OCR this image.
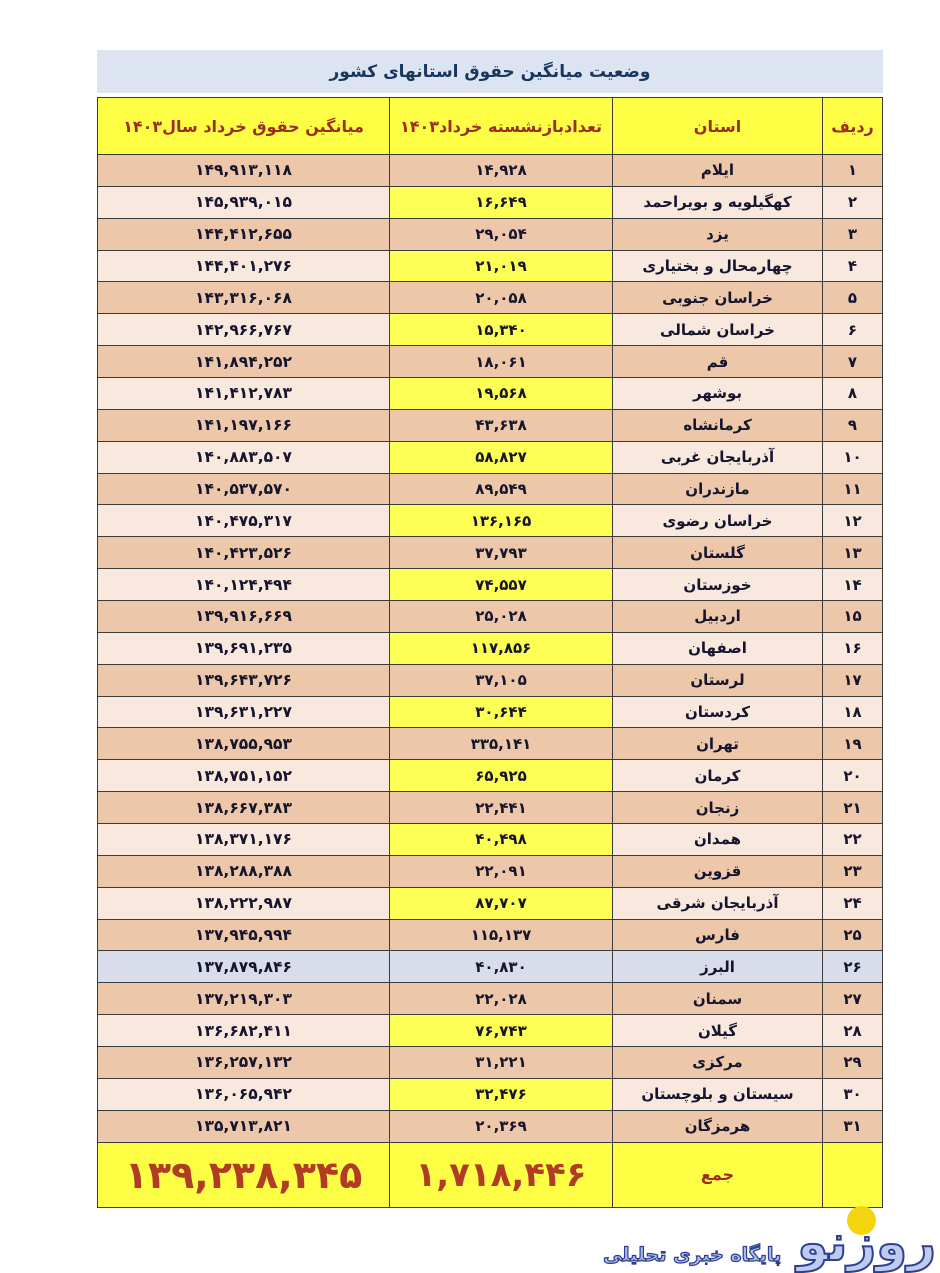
وضعیت میانگین حقوق استانهای کشور
ردیف
استان
تعدادبازنشسته خرداد۱۴۰۳
میانگین حقوق خرداد سال۱۴۰۳
۱
ایلام
۱۴,۹۲۸
۱۴۹,۹۱۳,۱۱۸
۲
کهگیلویه و بویراحمد
۱۶,۶۴۹
۱۴۵,۹۳۹,۰۱۵
۳
یزد
۲۹,۰۵۴
۱۴۴,۴۱۲,۶۵۵
۴
چهارمحال و بختیاری
۲۱,۰۱۹
۱۴۴,۴۰۱,۲۷۶
۵
خراسان جنوبی
۲۰,۰۵۸
۱۴۳,۳۱۶,۰۶۸
۶
خراسان شمالی
۱۵,۳۴۰
۱۴۲,۹۶۶,۷۶۷
۷
قم
۱۸,۰۶۱
۱۴۱,۸۹۴,۲۵۲
۸
بوشهر
۱۹,۵۶۸
۱۴۱,۴۱۲,۷۸۳
۹
کرمانشاه
۴۳,۶۳۸
۱۴۱,۱۹۷,۱۶۶
۱۰
آذربایجان غربی
۵۸,۸۲۷
۱۴۰,۸۸۳,۵۰۷
۱۱
مازندران
۸۹,۵۴۹
۱۴۰,۵۳۷,۵۷۰
۱۲
خراسان رضوی
۱۳۶,۱۶۵
۱۴۰,۴۷۵,۳۱۷
۱۳
گلستان
۳۷,۷۹۳
۱۴۰,۴۲۳,۵۲۶
۱۴
خوزستان
۷۴,۵۵۷
۱۴۰,۱۲۴,۴۹۴
۱۵
اردبیل
۲۵,۰۲۸
۱۳۹,۹۱۶,۶۶۹
۱۶
اصفهان
۱۱۷,۸۵۶
۱۳۹,۶۹۱,۲۳۵
۱۷
لرستان
۳۷,۱۰۵
۱۳۹,۶۴۳,۷۲۶
۱۸
کردستان
۳۰,۶۴۴
۱۳۹,۶۳۱,۲۲۷
۱۹
تهران
۳۳۵,۱۴۱
۱۳۸,۷۵۵,۹۵۳
۲۰
کرمان
۶۵,۹۲۵
۱۳۸,۷۵۱,۱۵۲
۲۱
زنجان
۲۲,۴۴۱
۱۳۸,۶۶۷,۳۸۳
۲۲
همدان
۴۰,۴۹۸
۱۳۸,۳۷۱,۱۷۶
۲۳
قزوین
۲۲,۰۹۱
۱۳۸,۲۸۸,۳۸۸
۲۴
آذربایجان شرقی
۸۷,۷۰۷
۱۳۸,۲۲۲,۹۸۷
۲۵
فارس
۱۱۵,۱۳۷
۱۳۷,۹۴۵,۹۹۴
۲۶
البرز
۴۰,۸۳۰
۱۳۷,۸۷۹,۸۴۶
۲۷
سمنان
۲۲,۰۲۸
۱۳۷,۲۱۹,۳۰۳
۲۸
گیلان
۷۶,۷۴۳
۱۳۶,۶۸۲,۴۱۱
۲۹
مرکزی
۳۱,۲۲۱
۱۳۶,۲۵۷,۱۳۲
۳۰
سیستان و بلوچستان
۳۲,۴۷۶
۱۳۶,۰۶۵,۹۴۲
۳۱
هرمزگان
۲۰,۳۶۹
۱۳۵,۷۱۳,۸۲۱
جمع
۱,۷۱۸,۴۴۶
۱۳۹,۲۳۸,۳۴۵
پایگاه خبری تحلیلی روزنو
